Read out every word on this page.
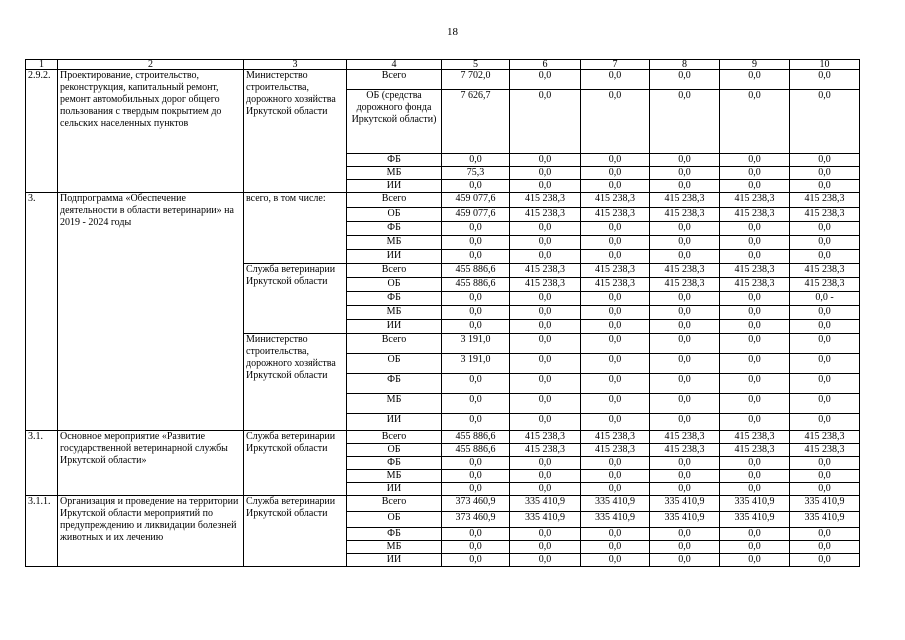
18
1	2	3	4	5	6	7	8	9	10
2.9.2.	Проектирование, строительство, реконструкция, капитальный ремонт, ремонт автомобильных дорог общего пользования с твердым покрытием до сельских населенных пунктов	Министерство строительства, дорожного хозяйства Иркутской области	Всего	7 702,0	0,0	0,0	0,0	0,0	0,0
			ОБ (средства дорожного фонда Иркутской области)	7 626,7	0,0	0,0	0,0	0,0	0,0
			ФБ	0,0	0,0	0,0	0,0	0,0	0,0
			МБ	75,3	0,0	0,0	0,0	0,0	0,0
			ИИ	0,0	0,0	0,0	0,0	0,0	0,0
3.	Подпрограмма «Обеспечение деятельности в области ветеринарии» на 2019 - 2024 годы	всего, в том числе:	Всего	459 077,6	415 238,3	415 238,3	415 238,3	415 238,3	415 238,3
			ОБ	459 077,6	415 238,3	415 238,3	415 238,3	415 238,3	415 238,3
			ФБ	0,0	0,0	0,0	0,0	0,0	0,0
			МБ	0,0	0,0	0,0	0,0	0,0	0,0
			ИИ	0,0	0,0	0,0	0,0	0,0	0,0
		Служба ветеринарии Иркутской области	Всего	455 886,6	415 238,3	415 238,3	415 238,3	415 238,3	415 238,3
			ОБ	455 886,6	415 238,3	415 238,3	415 238,3	415 238,3	415 238,3
			ФБ	0,0	0,0	0,0	0,0	0,0	0,0 -
			МБ	0,0	0,0	0,0	0,0	0,0	0,0
			ИИ	0,0	0,0	0,0	0,0	0,0	0,0
		Министерство строительства, дорожного хозяйства Иркутской области	Всего	3 191,0	0,0	0,0	0,0	0,0	0,0
			ОБ	3 191,0	0,0	0,0	0,0	0,0	0,0
			ФБ	0,0	0,0	0,0	0,0	0,0	0,0
			МБ	0,0	0,0	0,0	0,0	0,0	0,0
			ИИ	0,0	0,0	0,0	0,0	0,0	0,0
3.1.	Основное мероприятие «Развитие государственной ветеринарной службы Иркутской области»	Служба ветеринарии Иркутской области	Всего	455 886,6	415 238,3	415 238,3	415 238,3	415 238,3	415 238,3
			ОБ	455 886,6	415 238,3	415 238,3	415 238,3	415 238,3	415 238,3
			ФБ	0,0	0,0	0,0	0,0	0,0	0,0
			МБ	0,0	0,0	0,0	0,0	0,0	0,0
			ИИ	0,0	0,0	0,0	0,0	0,0	0,0
3.1.1.	Организация и проведение на территории Иркутской области мероприятий по предупреждению и ликвидации болезней животных и их лечению	Служба ветеринарии Иркутской области	Всего	373 460,9	335 410,9	335 410,9	335 410,9	335 410,9	335 410,9
			ОБ	373 460,9	335 410,9	335 410,9	335 410,9	335 410,9	335 410,9
			ФБ	0,0	0,0	0,0	0,0	0,0	0,0
			МБ	0,0	0,0	0,0	0,0	0,0	0,0
			ИИ	0,0	0,0	0,0	0,0	0,0	0,0
